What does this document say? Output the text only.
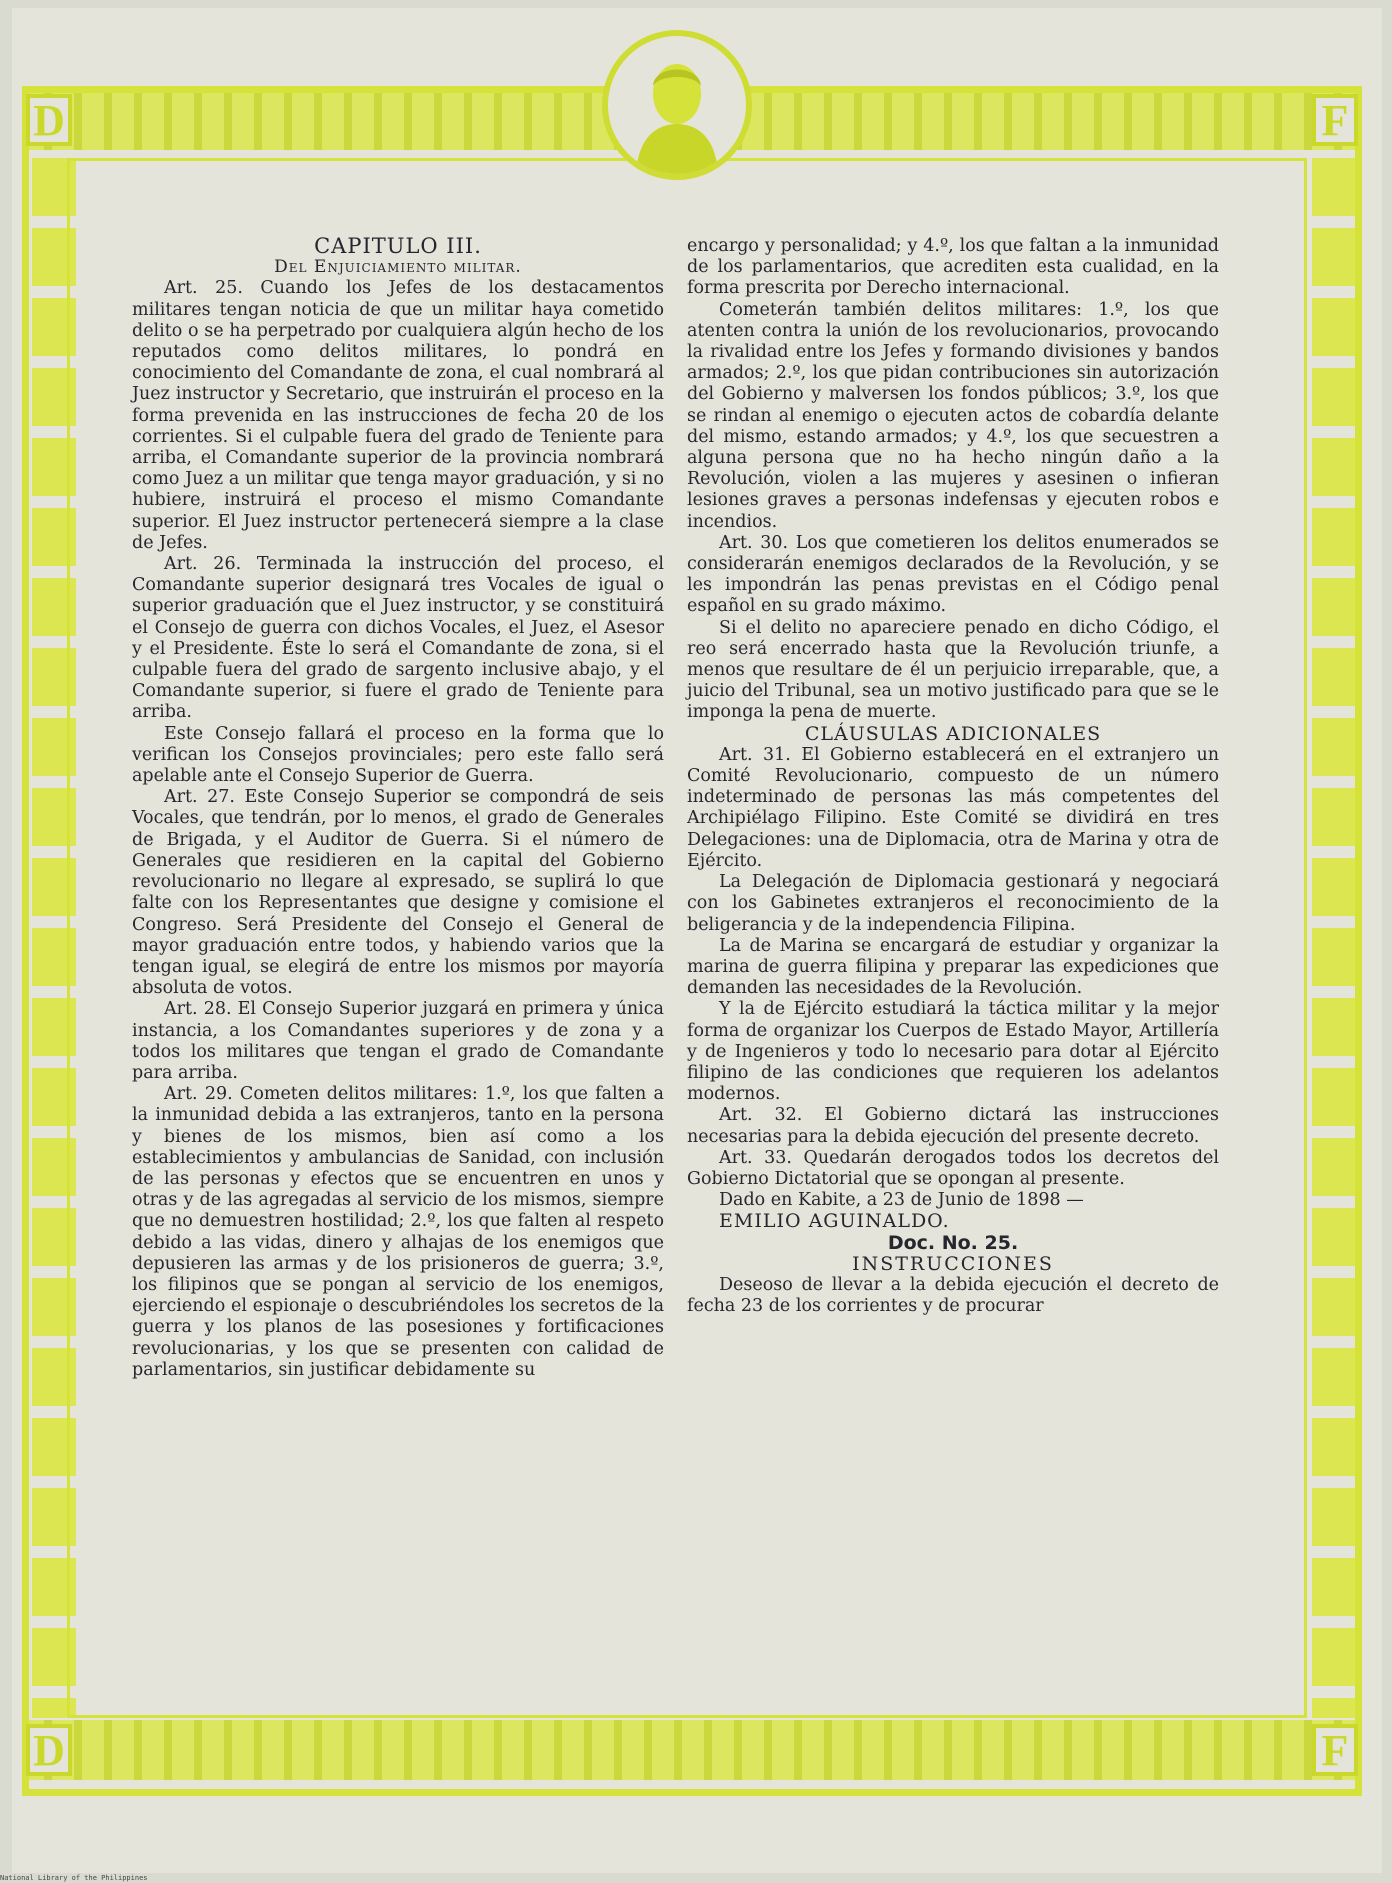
D	F
D	F

CAPITULO III.

Del Enjuiciamiento militar.

Art. 25. Cuando los Jefes de los destacamentos militares tengan noticia de que un militar haya cometido delito o se ha perpetrado por cualquiera algún hecho de los reputados como delitos militares, lo pondrá en conocimiento del Comandante de zona, el cual nombrará al Juez instructor y Secretario, que instruirán el proceso en la forma prevenida en las instrucciones de fecha 20 de los corrientes. Si el culpable fuera del grado de Teniente para arriba, el Comandante superior de la provincia nombrará como Juez a un militar que tenga mayor graduación, y si no hubiere, instruirá el proceso el mismo Comandante superior. El Juez instructor pertenecerá siempre a la clase de Jefes.

Art. 26. Terminada la instrucción del proceso, el Comandante superior designará tres Vocales de igual o superior graduación que el Juez instructor, y se constituirá el Consejo de guerra con dichos Vocales, el Juez, el Asesor y el Presidente. Éste lo será el Comandante de zona, si el culpable fuera del grado de sargento inclusive abajo, y el Comandante superior, si fuere el grado de Teniente para arriba.

Este Consejo fallará el proceso en la forma que lo verifican los Consejos provinciales; pero este fallo será apelable ante el Consejo Superior de Guerra.

Art. 27. Este Consejo Superior se compondrá de seis Vocales, que tendrán, por lo menos, el grado de Generales de Brigada, y el Auditor de Guerra. Si el número de Generales que residieren en la capital del Gobierno revolucionario no llegare al expresado, se suplirá lo que falte con los Representantes que designe y comisione el Congreso. Será Presidente del Consejo el General de mayor graduación entre todos, y habiendo varios que la tengan igual, se elegirá de entre los mismos por mayoría absoluta de votos.

Art. 28. El Consejo Superior juzgará en primera y única instancia, a los Comandantes superiores y de zona y a todos los militares que tengan el grado de Comandante para arriba.

Art. 29. Cometen delitos militares: 1.º, los que falten a la inmunidad debida a las extranjeros, tanto en la persona y bienes de los mismos, bien así como a los establecimientos y ambulancias de Sanidad, con inclusión de las personas y efectos que se encuentren en unos y otras y de las agregadas al servicio de los mismos, siempre que no demuestren hostilidad; 2.º, los que falten al respeto debido a las vidas, dinero y alhajas de los enemigos que depusieren las armas y de los prisioneros de guerra; 3.º, los filipinos que se pongan al servicio de los enemigos, ejerciendo el espionaje o descubriéndoles los secretos de la guerra y los planos de las posesiones y fortificaciones revolucionarias, y los que se presenten con calidad de parlamentarios, sin justificar debidamente su

encargo y personalidad; y 4.º, los que faltan a la inmunidad de los parlamentarios, que acrediten esta cualidad, en la forma prescrita por Derecho internacional.

Cometerán también delitos militares: 1.º, los que atenten contra la unión de los revolucionarios, provocando la rivalidad entre los Jefes y formando divisiones y bandos armados; 2.º, los que pidan contribuciones sin autorización del Gobierno y malversen los fondos públicos; 3.º, los que se rindan al enemigo o ejecuten actos de cobardía delante del mismo, estando armados; y 4.º, los que secuestren a alguna persona que no ha hecho ningún daño a la Revolución, violen a las mujeres y asesinen o infieran lesiones graves a personas indefensas y ejecuten robos e incendios.

Art. 30. Los que cometieren los delitos enumerados se considerarán enemigos declarados de la Revolución, y se les impondrán las penas previstas en el Código penal español en su grado máximo.

Si el delito no apareciere penado en dicho Código, el reo será encerrado hasta que la Revolución triunfe, a menos que resultare de él un perjuicio irreparable, que, a juicio del Tribunal, sea un motivo justificado para que se le imponga la pena de muerte.

CLÁUSULAS ADICIONALES

Art. 31. El Gobierno establecerá en el extranjero un Comité Revolucionario, compuesto de un número indeterminado de personas las más competentes del Archipiélago Filipino. Este Comité se dividirá en tres Delegaciones: una de Diplomacia, otra de Marina y otra de Ejército.

La Delegación de Diplomacia gestionará y negociará con los Gabinetes extranjeros el reconocimiento de la beligerancia y de la independencia Filipina.

La de Marina se encargará de estudiar y organizar la marina de guerra filipina y preparar las expediciones que demanden las necesidades de la Revolución.

Y la de Ejército estudiará la táctica militar y la mejor forma de organizar los Cuerpos de Estado Mayor, Artillería y de Ingenieros y todo lo necesario para dotar al Ejército filipino de las condiciones que requieren los adelantos modernos.

Art. 32. El Gobierno dictará las instrucciones necesarias para la debida ejecución del presente decreto.

Art. 33. Quedarán derogados todos los decretos del Gobierno Dictatorial que se opongan al presente.

Dado en Kabite, a 23 de Junio de 1898 —

EMILIO AGUINALDO.

Doc. No. 25.

INSTRUCCIONES

Deseoso de llevar a la debida ejecución el decreto de fecha 23 de los corrientes y de procurar

National Library of the Philippines
